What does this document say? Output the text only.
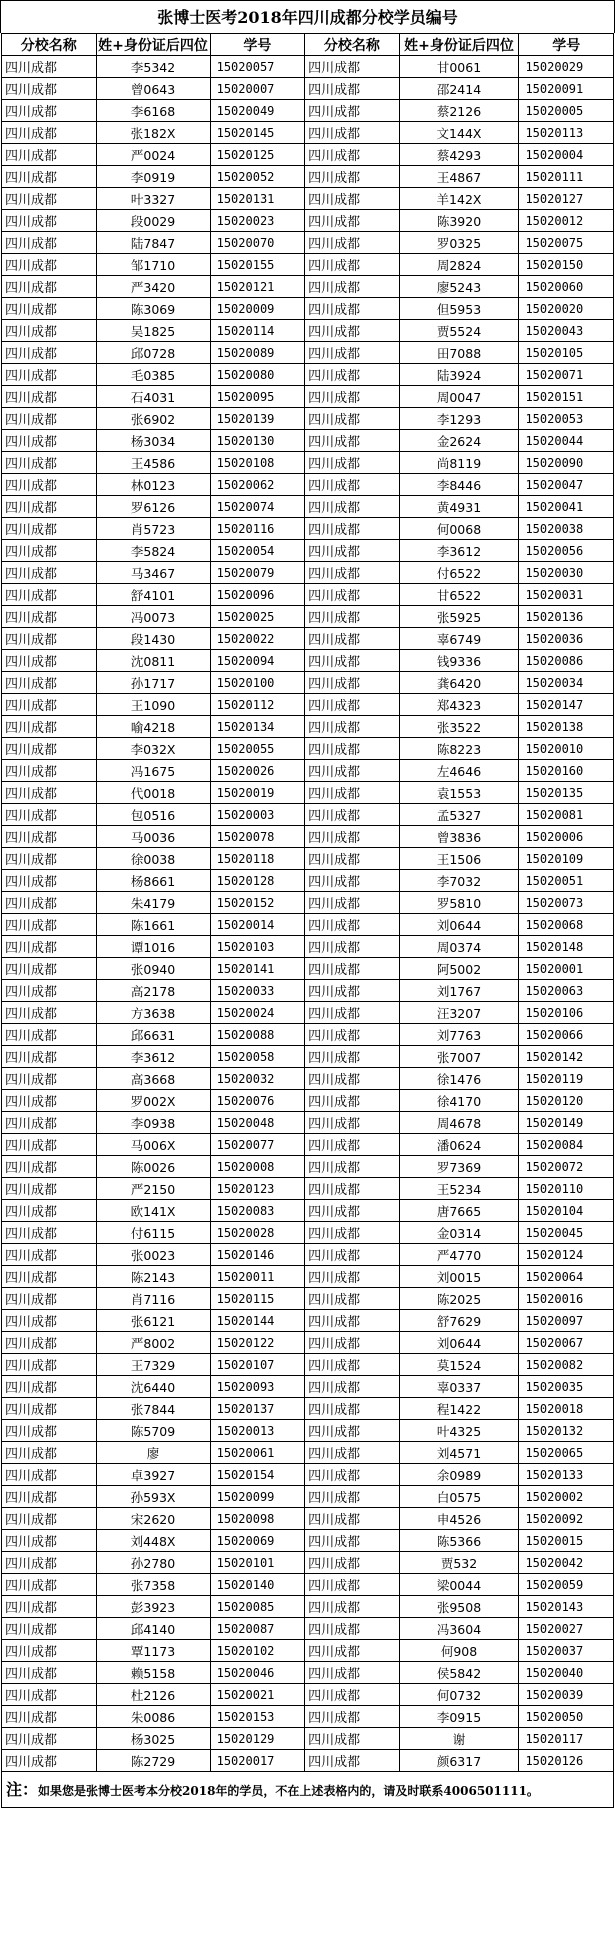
张博士医考2018年四川成都分校学员编号
分校名称	姓+身份证后四位	学号	分校名称	姓+身份证后四位	学号
四川成都	李5342	15020057	四川成都	甘0061	15020029
四川成都	曾0643	15020007	四川成都	邵2414	15020091
四川成都	李6168	15020049	四川成都	蔡2126	15020005
四川成都	张182X	15020145	四川成都	文144X	15020113
四川成都	严0024	15020125	四川成都	蔡4293	15020004
四川成都	李0919	15020052	四川成都	王4867	15020111
四川成都	叶3327	15020131	四川成都	羊142X	15020127
四川成都	段0029	15020023	四川成都	陈3920	15020012
四川成都	陆7847	15020070	四川成都	罗0325	15020075
四川成都	邹1710	15020155	四川成都	周2824	15020150
四川成都	严3420	15020121	四川成都	廖5243	15020060
四川成都	陈3069	15020009	四川成都	但5953	15020020
四川成都	吴1825	15020114	四川成都	贾5524	15020043
四川成都	邱0728	15020089	四川成都	田7088	15020105
四川成都	毛0385	15020080	四川成都	陆3924	15020071
四川成都	石4031	15020095	四川成都	周0047	15020151
四川成都	张6902	15020139	四川成都	李1293	15020053
四川成都	杨3034	15020130	四川成都	金2624	15020044
四川成都	王4586	15020108	四川成都	尚8119	15020090
四川成都	林0123	15020062	四川成都	李8446	15020047
四川成都	罗6126	15020074	四川成都	黄4931	15020041
四川成都	肖5723	15020116	四川成都	何0068	15020038
四川成都	李5824	15020054	四川成都	李3612	15020056
四川成都	马3467	15020079	四川成都	付6522	15020030
四川成都	舒4101	15020096	四川成都	甘6522	15020031
四川成都	冯0073	15020025	四川成都	张5925	15020136
四川成都	段1430	15020022	四川成都	辜6749	15020036
四川成都	沈0811	15020094	四川成都	钱9336	15020086
四川成都	孙1717	15020100	四川成都	龚6420	15020034
四川成都	王1090	15020112	四川成都	郑4323	15020147
四川成都	喻4218	15020134	四川成都	张3522	15020138
四川成都	李032X	15020055	四川成都	陈8223	15020010
四川成都	冯1675	15020026	四川成都	左4646	15020160
四川成都	代0018	15020019	四川成都	袁1553	15020135
四川成都	包0516	15020003	四川成都	孟5327	15020081
四川成都	马0036	15020078	四川成都	曾3836	15020006
四川成都	徐0038	15020118	四川成都	王1506	15020109
四川成都	杨8661	15020128	四川成都	李7032	15020051
四川成都	朱4179	15020152	四川成都	罗5810	15020073
四川成都	陈1661	15020014	四川成都	刘0644	15020068
四川成都	谭1016	15020103	四川成都	周0374	15020148
四川成都	张0940	15020141	四川成都	阿5002	15020001
四川成都	高2178	15020033	四川成都	刘1767	15020063
四川成都	方3638	15020024	四川成都	汪3207	15020106
四川成都	邱6631	15020088	四川成都	刘7763	15020066
四川成都	李3612	15020058	四川成都	张7007	15020142
四川成都	高3668	15020032	四川成都	徐1476	15020119
四川成都	罗002X	15020076	四川成都	徐4170	15020120
四川成都	李0938	15020048	四川成都	周4678	15020149
四川成都	马006X	15020077	四川成都	潘0624	15020084
四川成都	陈0026	15020008	四川成都	罗7369	15020072
四川成都	严2150	15020123	四川成都	王5234	15020110
四川成都	欧141X	15020083	四川成都	唐7665	15020104
四川成都	付6115	15020028	四川成都	金0314	15020045
四川成都	张0023	15020146	四川成都	严4770	15020124
四川成都	陈2143	15020011	四川成都	刘0015	15020064
四川成都	肖7116	15020115	四川成都	陈2025	15020016
四川成都	张6121	15020144	四川成都	舒7629	15020097
四川成都	严8002	15020122	四川成都	刘0644	15020067
四川成都	王7329	15020107	四川成都	莫1524	15020082
四川成都	沈6440	15020093	四川成都	辜0337	15020035
四川成都	张7844	15020137	四川成都	程1422	15020018
四川成都	陈5709	15020013	四川成都	叶4325	15020132
四川成都	廖	15020061	四川成都	刘4571	15020065
四川成都	卓3927	15020154	四川成都	余0989	15020133
四川成都	孙593X	15020099	四川成都	白0575	15020002
四川成都	宋2620	15020098	四川成都	申4526	15020092
四川成都	刘448X	15020069	四川成都	陈5366	15020015
四川成都	孙2780	15020101	四川成都	贾532	15020042
四川成都	张7358	15020140	四川成都	梁0044	15020059
四川成都	彭3923	15020085	四川成都	张9508	15020143
四川成都	邱4140	15020087	四川成都	冯3604	15020027
四川成都	覃1173	15020102	四川成都	何908	15020037
四川成都	赖5158	15020046	四川成都	侯5842	15020040
四川成都	杜2126	15020021	四川成都	何0732	15020039
四川成都	朱0086	15020153	四川成都	李0915	15020050
四川成都	杨3025	15020129	四川成都	谢	15020117
四川成都	陈2729	15020017	四川成都	颜6317	15020126
注：如果您是张博士医考本分校2018年的学员，不在上述表格内的，请及时联系4006501111。
